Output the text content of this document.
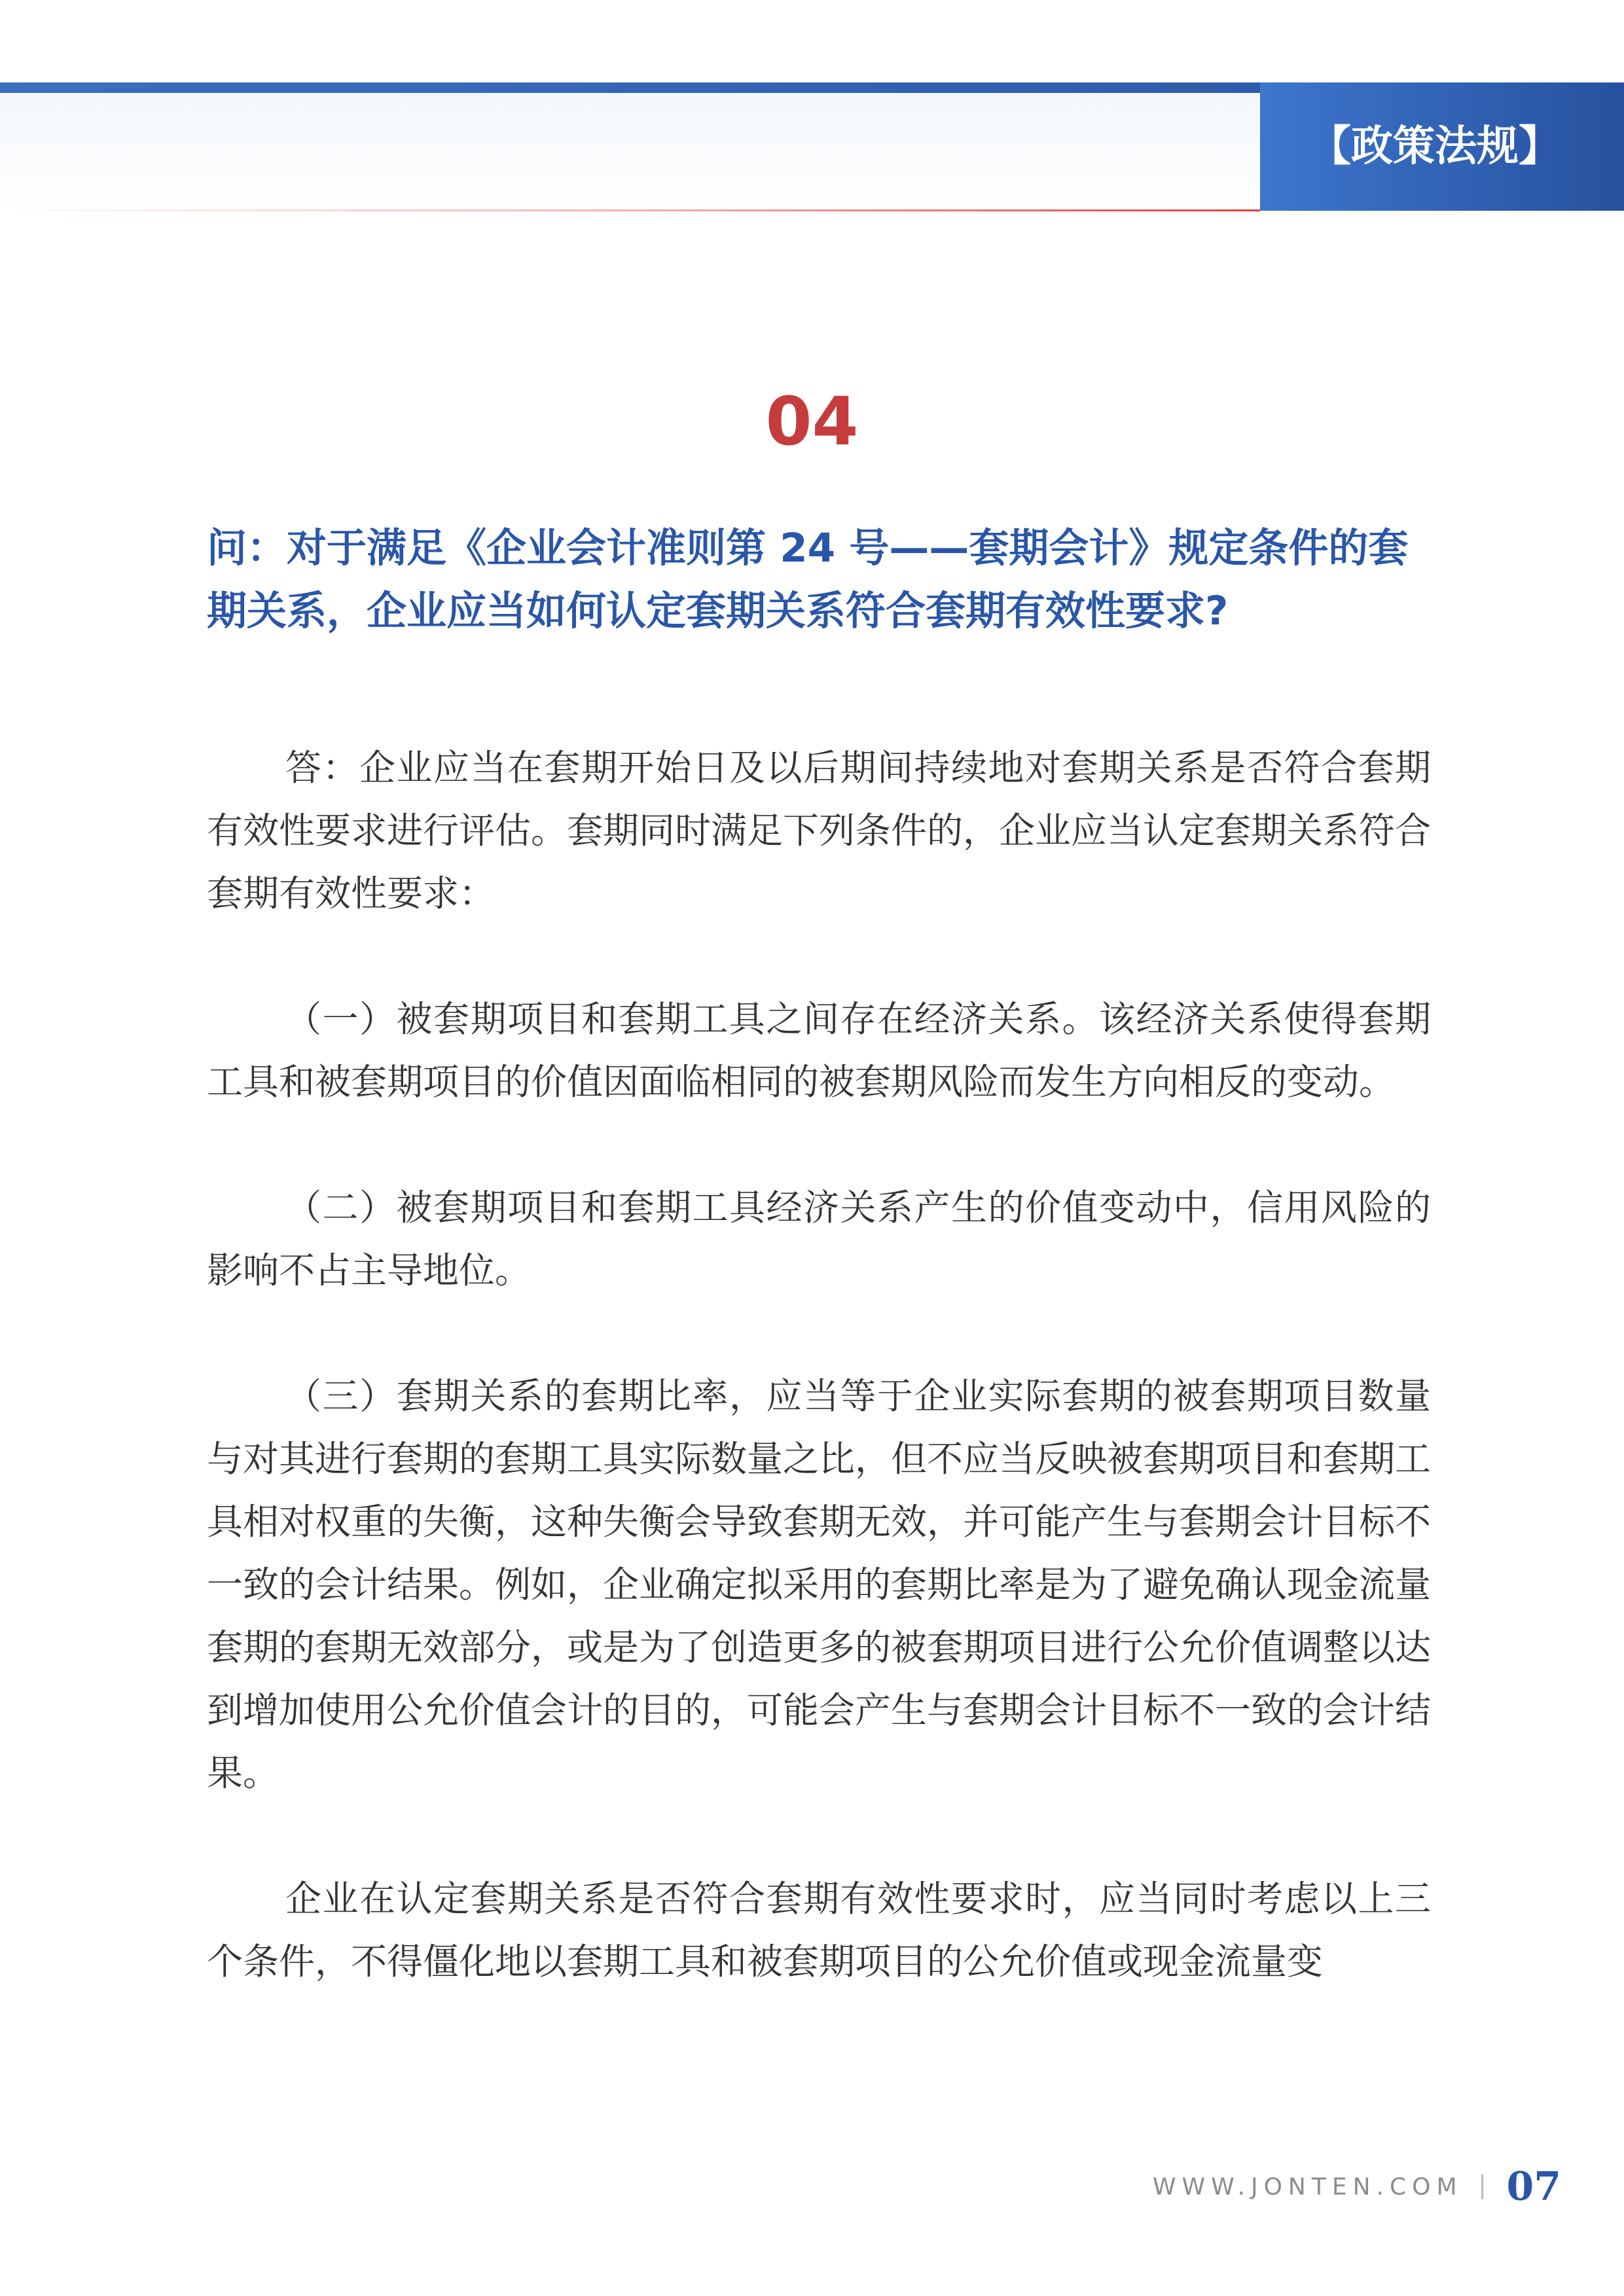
【政策法规】
04
问：对于满足《企业会计准则第 24 号——套期会计》规定条件的套期关系，企业应当如何认定套期关系符合套期有效性要求?

答：企业应当在套期开始日及以后期间持续地对套期关系是否符合套期有效性要求进行评估。套期同时满足下列条件的，企业应当认定套期关系符合套期有效性要求：

（一）被套期项目和套期工具之间存在经济关系。该经济关系使得套期工具和被套期项目的价值因面临相同的被套期风险而发生方向相反的变动。

（二）被套期项目和套期工具经济关系产生的价值变动中，信用风险的影响不占主导地位。

（三）套期关系的套期比率，应当等于企业实际套期的被套期项目数量与对其进行套期的套期工具实际数量之比，但不应当反映被套期项目和套期工具相对权重的失衡，这种失衡会导致套期无效，并可能产生与套期会计目标不一致的会计结果。例如，企业确定拟采用的套期比率是为了避免确认现金流量套期的套期无效部分，或是为了创造更多的被套期项目进行公允价值调整以达到增加使用公允价值会计的目的，可能会产生与套期会计目标不一致的会计结果。

企业在认定套期关系是否符合套期有效性要求时，应当同时考虑以上三个条件，不得僵化地以套期工具和被套期项目的公允价值或现金流量变

WWW.JONTEN.COM 07
